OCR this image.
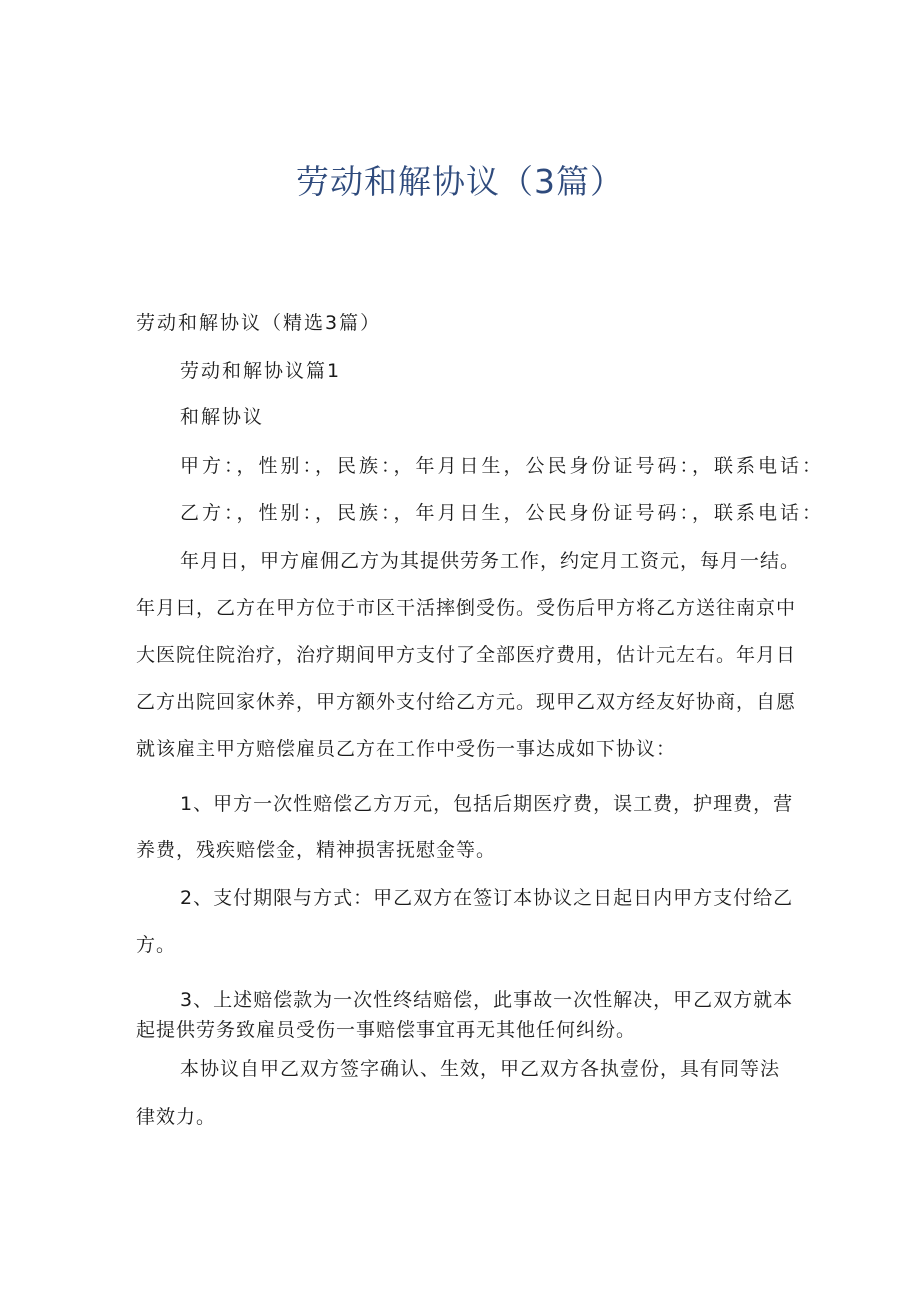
劳动和解协议（3篇）
劳动和解协议（精选3篇）
劳动和解协议篇1
和解协议
甲方：，性别：，民族：，年月日生，公民身份证号码：，联系电话：
乙方：，性别：，民族：，年月日生，公民身份证号码：，联系电话：
年月日，甲方雇佣乙方为其提供劳务工作，约定月工资元，每月一结。
年月曰，乙方在甲方位于市区干活摔倒受伤。受伤后甲方将乙方送往南京中
大医院住院治疗，治疗期间甲方支付了全部医疗费用，估计元左右。年月日
乙方出院回家休养，甲方额外支付给乙方元。现甲乙双方经友好协商，自愿
就该雇主甲方赔偿雇员乙方在工作中受伤一事达成如下协议：
1、甲方一次性赔偿乙方万元，包括后期医疗费，误工费，护理费，营
养费，残疾赔偿金，精神损害抚慰金等。
2、支付期限与方式：甲乙双方在签订本协议之日起日内甲方支付给乙
方。
3、上述赔偿款为一次性终结赔偿，此事故一次性解决，甲乙双方就本
起提供劳务致雇员受伤一事赔偿事宜再无其他任何纠纷。
本协议自甲乙双方签字确认、生效，甲乙双方各执壹份，具有同等法
律效力。
